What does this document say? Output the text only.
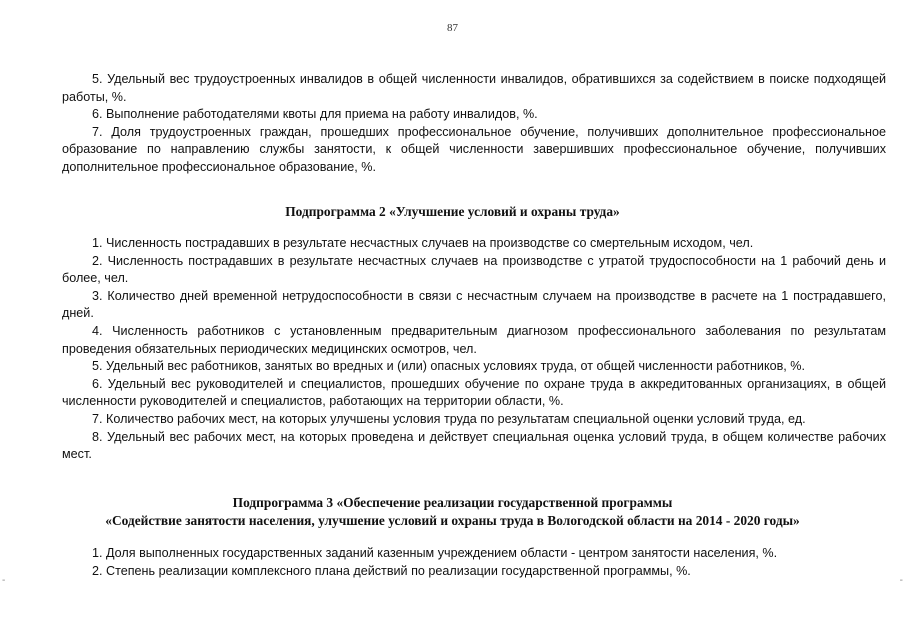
87

5. Удельный вес трудоустроенных инвалидов в общей численности инвалидов, обратившихся за содействием в поиске подходящей работы, %.

6. Выполнение работодателями квоты для приема на работу инвалидов, %.

7. Доля трудоустроенных граждан, прошедших профессиональное обучение, получивших дополнительное профессиональное образование по направлению службы занятости, к общей численности завершивших профессиональное обучение, получивших дополнительное профессиональное образование, %.

Подпрограмма 2 «Улучшение условий и охраны труда»

1. Численность пострадавших в результате несчастных случаев на производстве со смертельным исходом, чел.

2. Численность пострадавших в результате несчастных случаев на производстве с утратой трудоспособности на 1 рабочий день и более, чел.

3. Количество дней временной нетрудоспособности в связи с несчастным случаем на производстве в расчете на 1 пострадавшего, дней.

4. Численность работников с установленным предварительным диагнозом профессионального заболевания по результатам проведения обязательных периодических медицинских осмотров, чел.

5. Удельный вес работников, занятых во вредных и (или) опасных условиях труда, от общей численности работников, %.

6. Удельный вес руководителей и специалистов, прошедших обучение по охране труда в аккредитованных организациях, в общей численности руководителей и специалистов, работающих на территории области, %.

7. Количество рабочих мест, на которых улучшены условия труда по результатам специальной оценки условий труда, ед.

8. Удельный вес рабочих мест, на которых проведена и действует специальная оценка условий труда, в общем количестве рабочих мест.

Подпрограмма 3 «Обеспечение реализации государственной программы
«Содействие занятости населения, улучшение условий и охраны труда в Вологодской области на 2014 - 2020 годы»

1. Доля выполненных государственных заданий казенным учреждением области - центром занятости населения, %.

2. Степень реализации комплексного плана действий по реализации государственной программы, %.

-	-
